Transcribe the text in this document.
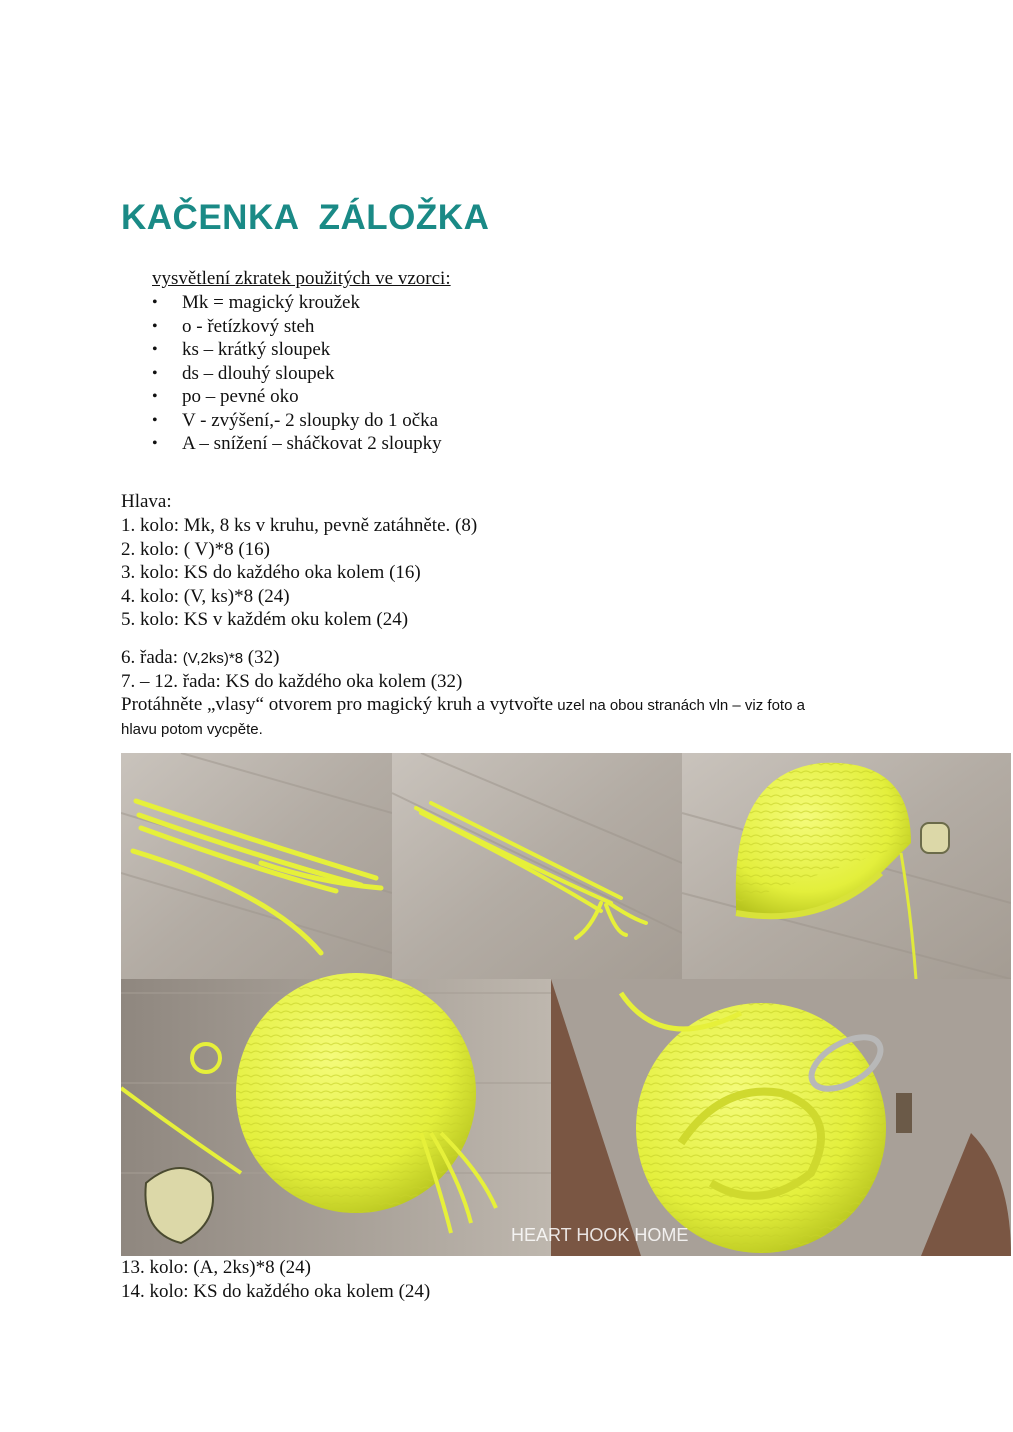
KAČENKA  ZÁLOŽKA
vysvětlení zkratek použitých ve vzorci:
• Mk = magický kroužek
• o - řetízkový steh
• ks – krátký sloupek
• ds – dlouhý sloupek
• po – pevné oko
• V - zvýšení,- 2 sloupky do 1 očka
• A – snížení – sháčkovat 2 sloupky
Hlava:
1. kolo: Mk, 8 ks v kruhu, pevně zatáhněte. (8)
2. kolo: ( V)*8 (16)
3. kolo: KS do každého oka kolem (16)
4. kolo: (V, ks)*8 (24)
5. kolo: KS v každém oku kolem (24)
6. řada: (V,2ks)*8 (32)
7. – 12. řada: KS do každého oka kolem (32)
Protáhněte „vlasy“ otvorem pro magický kruh a vytvořte uzel na obou stranách vln – viz foto a
hlavu potom vycpěte.
HEART HOOK HOME
13. kolo: (A, 2ks)*8 (24)
14. kolo: KS do každého oka kolem (24)
